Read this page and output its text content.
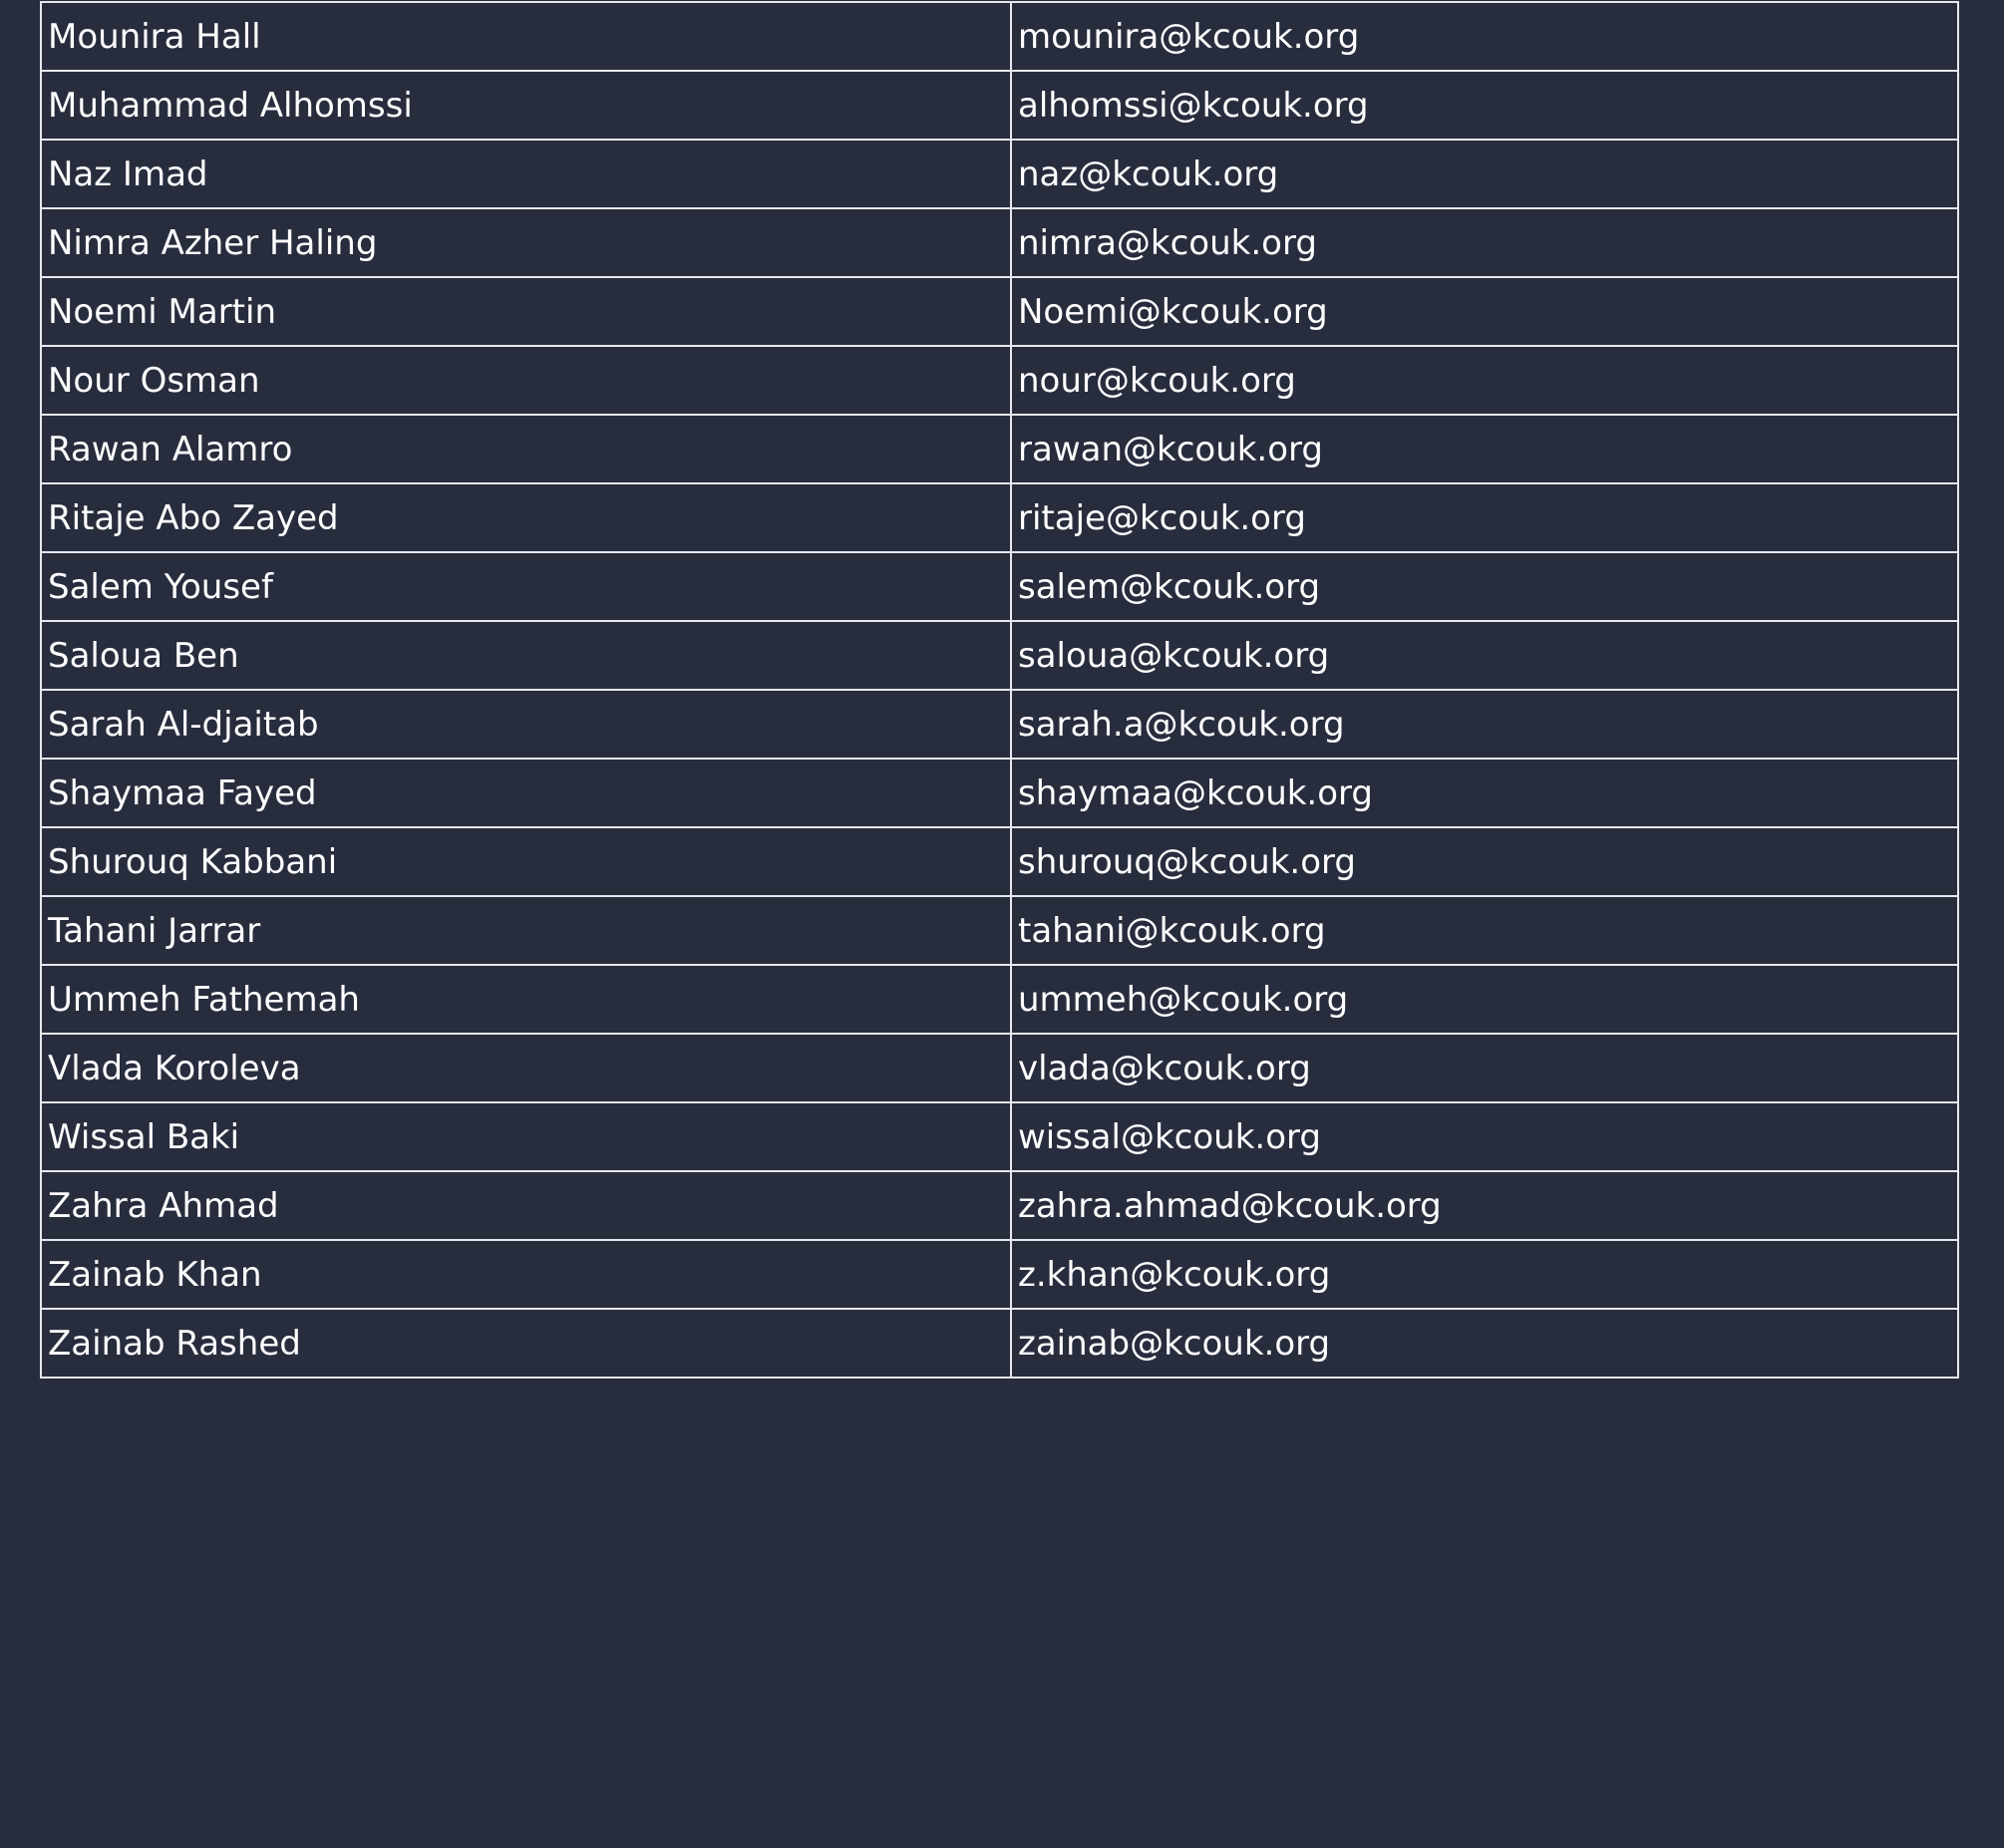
Mounira Hall	mounira@kcouk.org
Muhammad Alhomssi	alhomssi@kcouk.org
Naz Imad	naz@kcouk.org
Nimra Azher Haling	nimra@kcouk.org
Noemi Martin	Noemi@kcouk.org
Nour Osman	nour@kcouk.org
Rawan Alamro	rawan@kcouk.org
Ritaje Abo Zayed	ritaje@kcouk.org
Salem Yousef	salem@kcouk.org
Saloua Ben	saloua@kcouk.org
Sarah Al-djaitab	sarah.a@kcouk.org
Shaymaa Fayed	shaymaa@kcouk.org
Shurouq Kabbani	shurouq@kcouk.org
Tahani Jarrar	tahani@kcouk.org
Ummeh Fathemah	ummeh@kcouk.org
Vlada Koroleva	vlada@kcouk.org
Wissal Baki	wissal@kcouk.org
Zahra Ahmad	zahra.ahmad@kcouk.org
Zainab Khan	z.khan@kcouk.org
Zainab Rashed	zainab@kcouk.org
